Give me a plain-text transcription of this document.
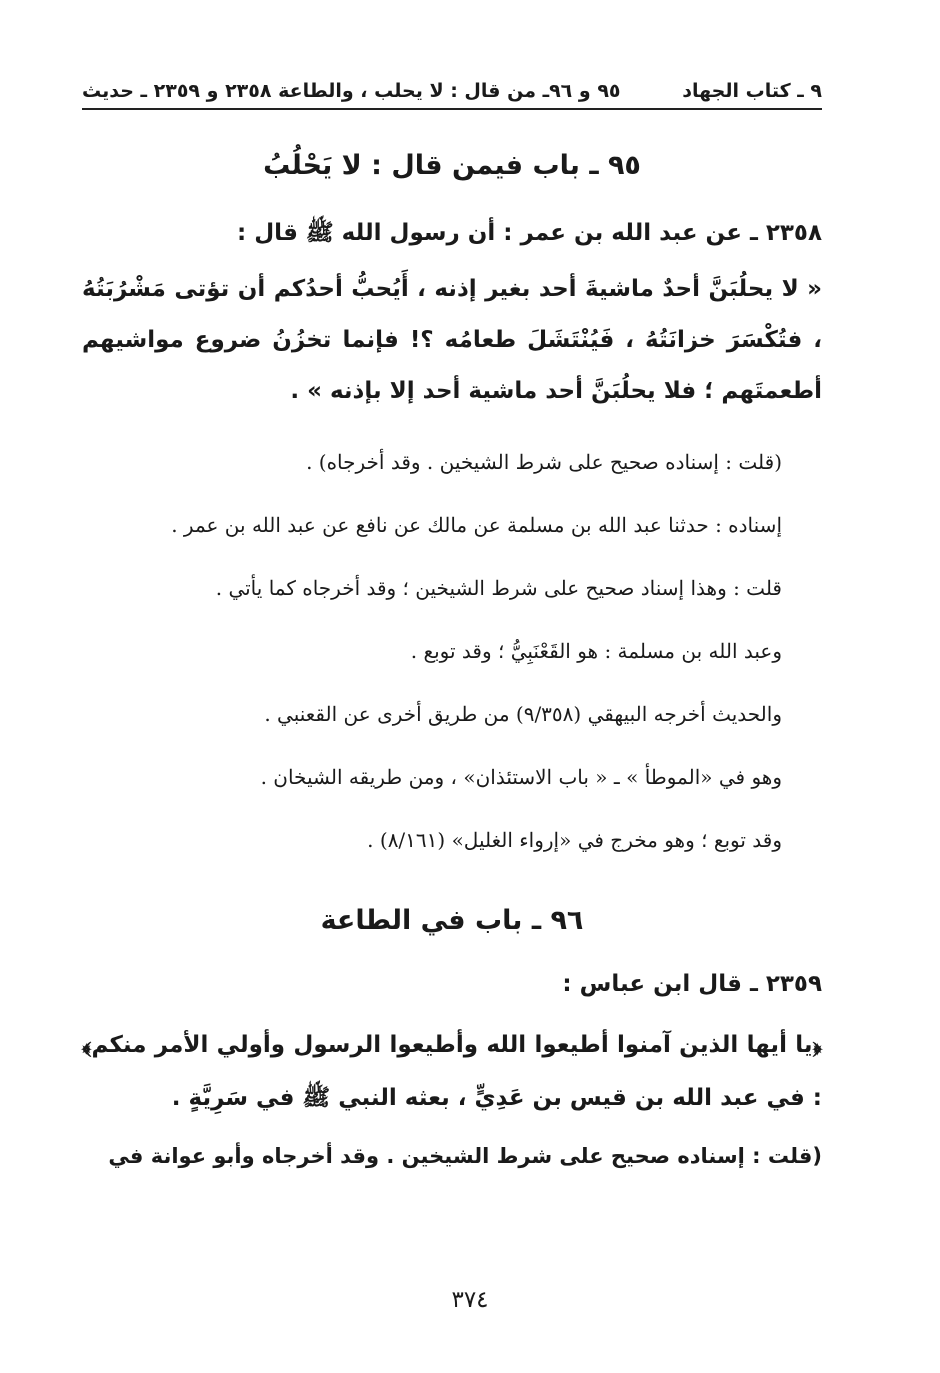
٩ ـ كتاب الجهاد
٩٥ و ٩٦ـ من قال : لا يحلب ، والطاعة ٢٣٥٨ و ٢٣٥٩ ـ حديث
٩٥ ـ باب فيمن قال : لا يَحْلُبُ
٢٣٥٨ ـ عن عبد الله بن عمر : أن رسول الله ﷺ قال :
« لا يحلُبَنَّ أحدٌ ماشيةَ أحد بغير إذنه ، أَيُحبُّ أحدُكم أن تؤتى مَشْرُبَتُهُ ، فتُكْسَرَ خزانَتُهُ ، فَيُنْتَشَلَ طعامُه ؟! فإنما تخزُنُ ضروع مواشيهم أطعمتَهم ؛ فلا يحلُبَنَّ أحد ماشية أحد إلا بإذنه » .
(قلت : إسناده صحيح على شرط الشيخين . وقد أخرجاه) .
إسناده : حدثنا عبد الله بن مسلمة عن مالك عن نافع عن عبد الله بن عمر .
قلت : وهذا إسناد صحيح على شرط الشيخين ؛ وقد أخرجاه كما يأتي .
وعبد الله بن مسلمة : هو القَعْنَبِيُّ ؛ وقد توبع .
والحديث أخرجه البيهقي (٩/٣٥٨) من طريق أخرى عن القعنبي .
وهو في «الموطأ » ـ « باب الاستئذان» ، ومن طريقه الشيخان .
وقد توبع ؛ وهو مخرج في «إرواء الغليل» (٨/١٦١) .
٩٦ ـ باب في الطاعة
٢٣٥٩ ـ قال ابن عباس :
﴿يا أيها الذين آمنوا أطيعوا الله وأطيعوا الرسول وأولي الأمر منكم﴾ : في عبد الله بن قيس بن عَدِيٍّ ، بعثه النبي ﷺ في سَرِيَّةٍ .
(قلت : إسناده صحيح على شرط الشيخين . وقد أخرجاه وأبو عوانة في
٣٧٤
